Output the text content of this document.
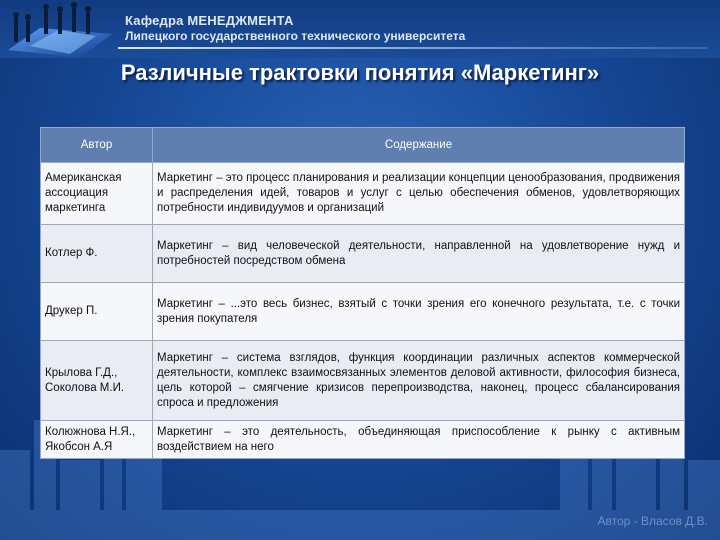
Кафедра МЕНЕДЖМЕНТА
Липецкого государственного технического университета
Различные трактовки понятия «Маркетинг»
Автор	Содержание
Американская ассоциация маркетинга	Маркетинг – это процесс планирования и реализации концепции ценообразования, продвижения и распределения идей, товаров и услуг с целью обеспечения обменов, удовлетворяющих потребности индивидуумов и организаций
Котлер Ф.	Маркетинг – вид человеческой деятельности, направленной на удовлетворение нужд и потребностей посредством обмена
Друкер П.	Маркетинг – ...это весь бизнес, взятый с точки зрения его конечного результата, т.е. с точки зрения покупателя
Крылова Г.Д., Соколова М.И.	Маркетинг – система взглядов, функция координации различных аспектов коммерческой деятельности, комплекс взаимосвязанных элементов деловой активности, философия бизнеса, цель которой – смягчение кризисов перепроизводства, наконец, процесс сбалансирования спроса и предложения
Колюжнова Н.Я., Якобсон А.Я	Маркетинг – это деятельность, объединяющая приспособление к рынку с активным воздействием на него
Автор - Власов Д.В.
